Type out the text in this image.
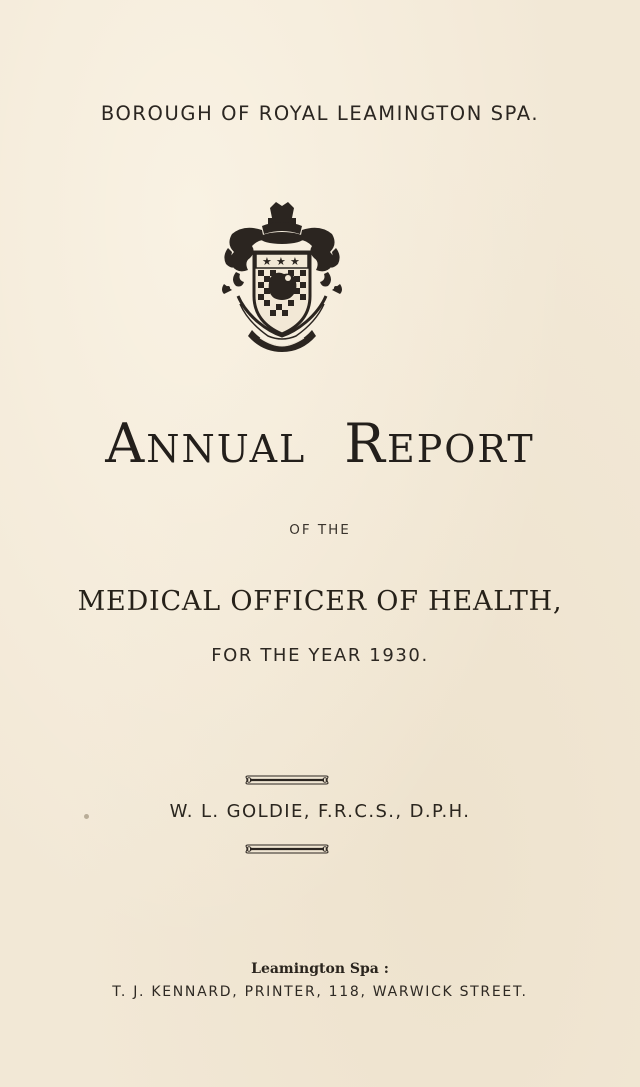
BOROUGH OF ROYAL LEAMINGTON SPA.
★ ★ ★
Annual Report
OF THE
MEDICAL OFFICER OF HEALTH,
FOR THE YEAR 1930.
W. L. GOLDIE, F.R.C.S., D.P.H.
Leamington Spa :
T. J. KENNARD, PRINTER, 118, WARWICK STREET.
